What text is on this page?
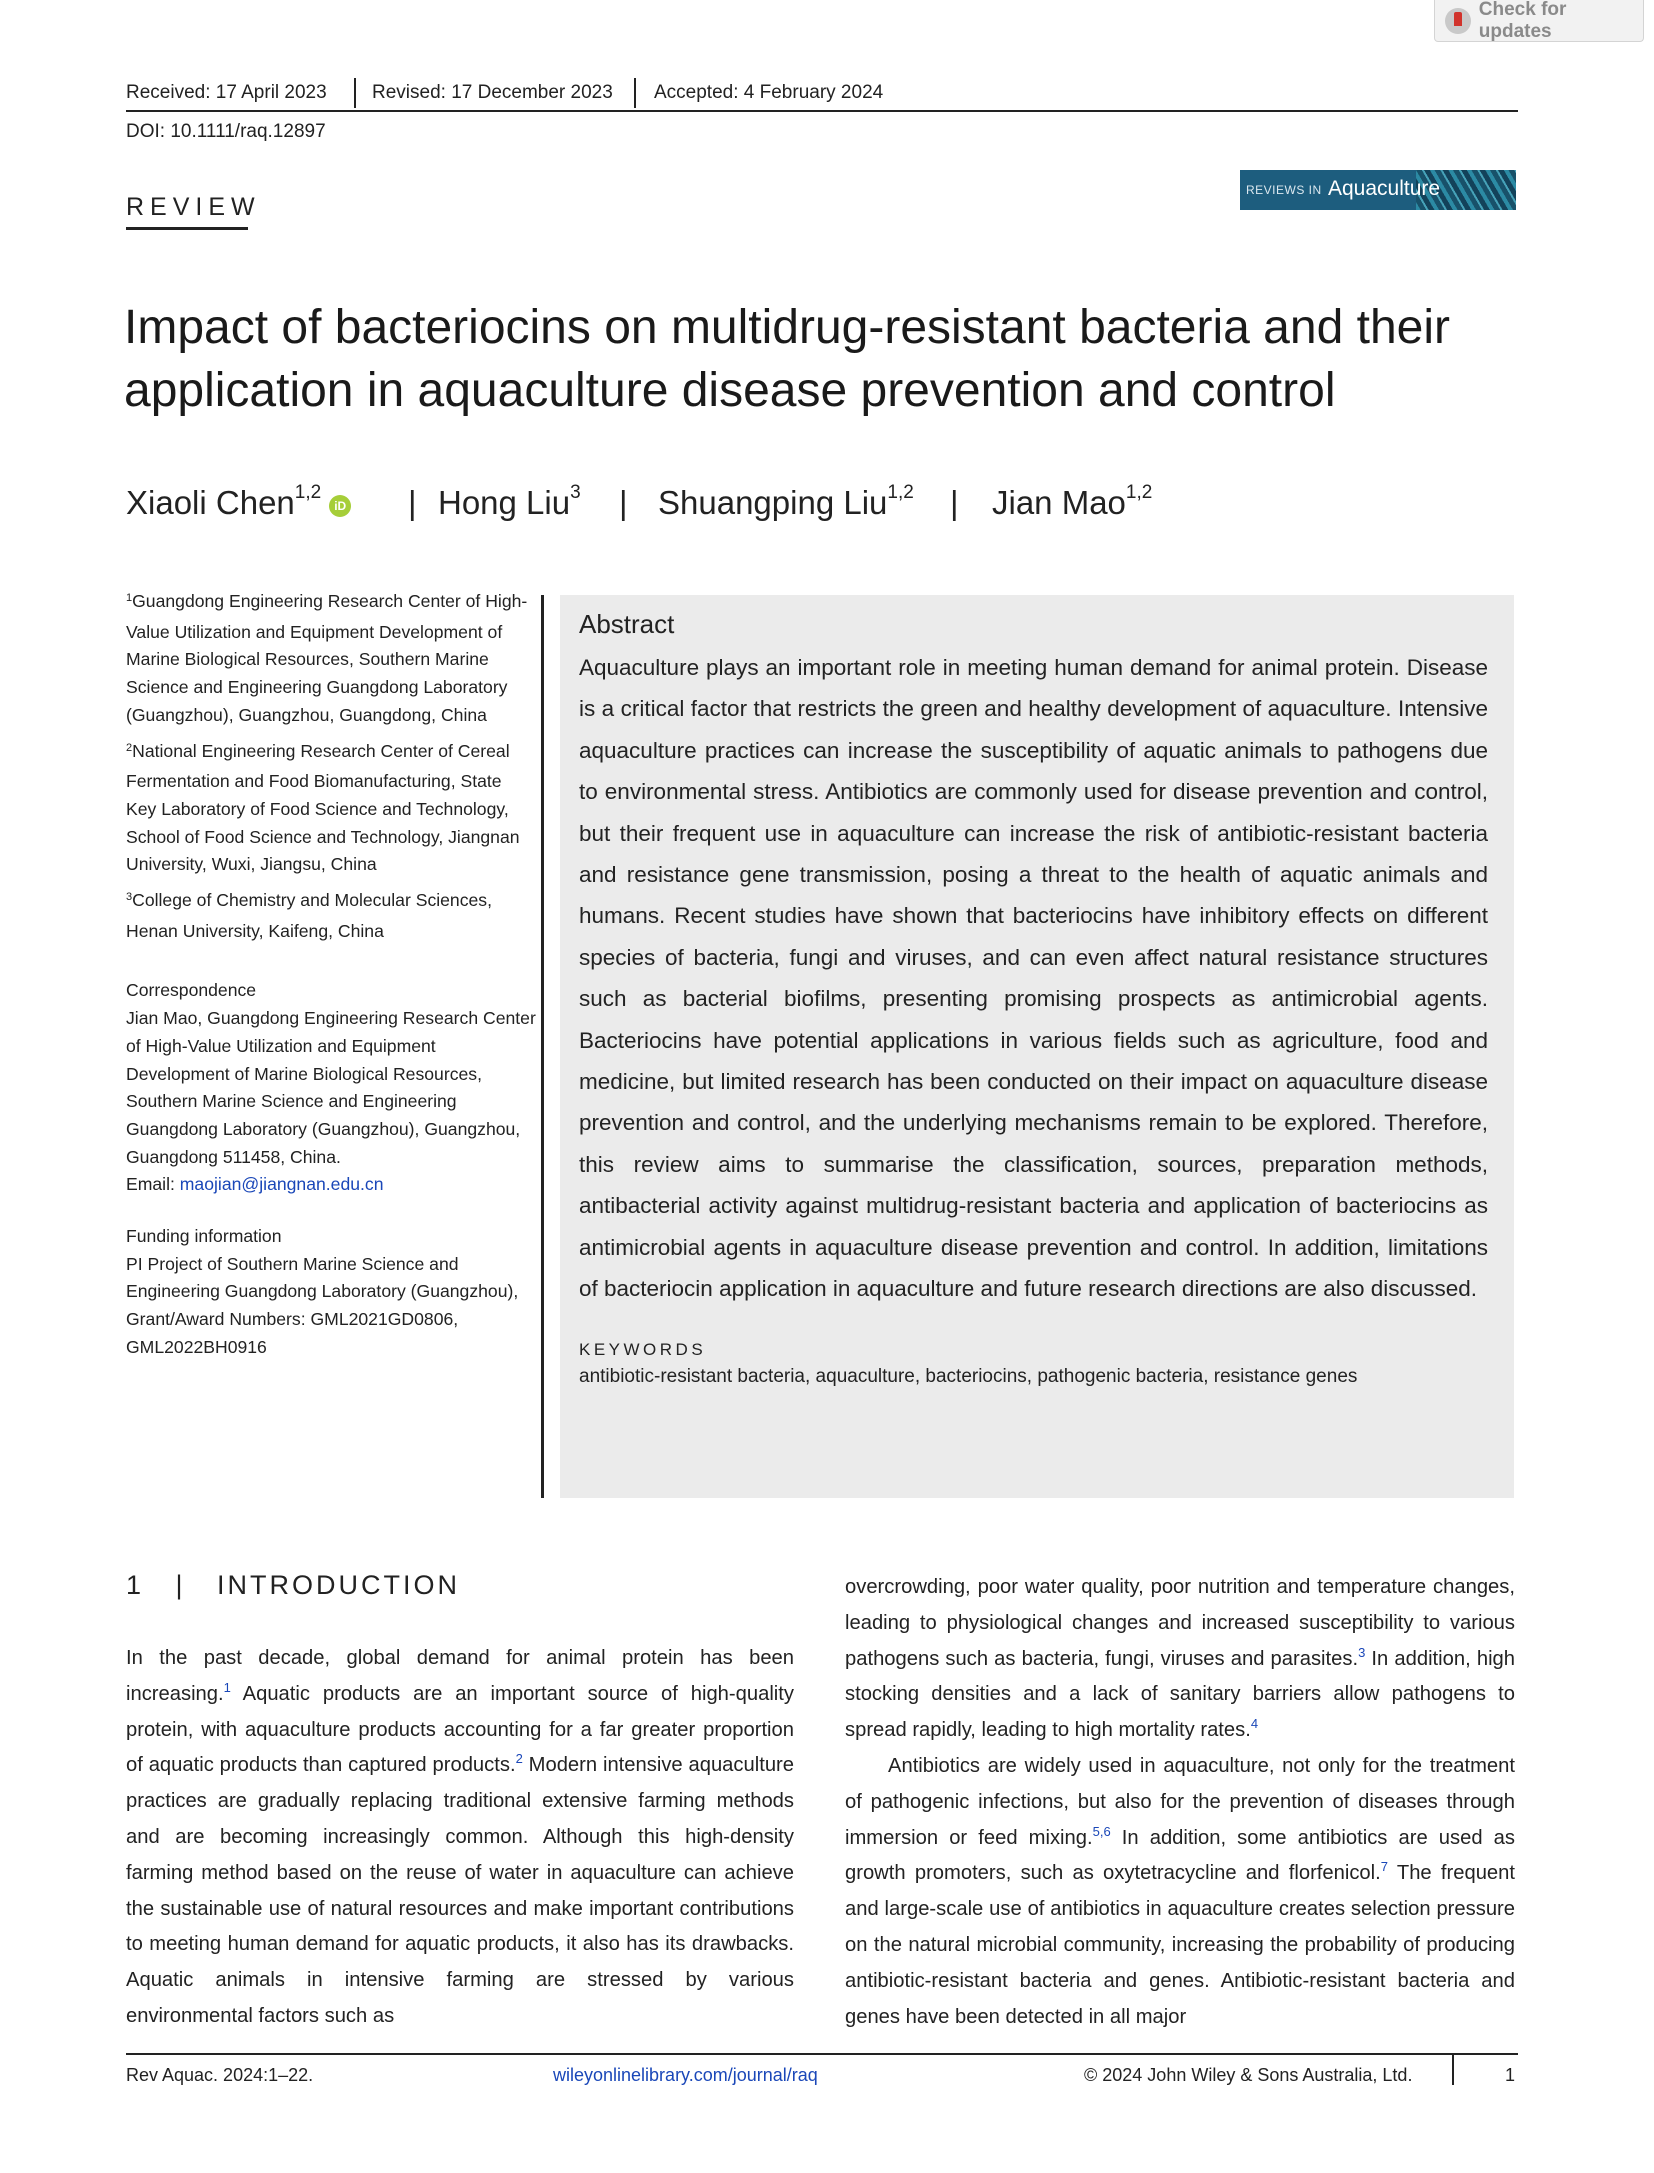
Check for updates
Received: 17 April 2023 Revised: 17 December 2023 Accepted: 4 February 2024
DOI: 10.1111/raq.12897
REVIEW
REVIEWS IN Aquaculture
Impact of bacteriocins on multidrug-resistant bacteria and their
application in aquaculture disease prevention and control
Xiaoli Chen$^{1,2}$iD | Hong Liu$^3$ | Shuangping Liu$^{1,2}$ | Jian Mao$^{1,2}$

$^1$Guangdong Engineering Research Center of High-Value Utilization and Equipment Development of Marine Biological Resources, Southern Marine Science and Engineering Guangdong Laboratory (Guangzhou), Guangzhou, Guangdong, China

$^2$National Engineering Research Center of Cereal Fermentation and Food Biomanufacturing, State Key Laboratory of Food Science and Technology, School of Food Science and Technology, Jiangnan University, Wuxi, Jiangsu, China

$^3$College of Chemistry and Molecular Sciences, Henan University, Kaifeng, China

Correspondence

Jian Mao, Guangdong Engineering Research Center of High-Value Utilization and Equipment Development of Marine Biological Resources, Southern Marine Science and Engineering Guangdong Laboratory (Guangzhou), Guangzhou, Guangdong 511458, China.

Email: maojian@jiangnan.edu.cn

Funding information

PI Project of Southern Marine Science and Engineering Guangdong Laboratory (Guangzhou), Grant/Award Numbers: GML2021GD0806, GML2022BH0916

Abstract

Aquaculture plays an important role in meeting human demand for animal protein. Disease is a critical factor that restricts the green and healthy development of aquaculture. Intensive aquaculture practices can increase the susceptibility of aquatic animals to pathogens due to environmental stress. Antibiotics are commonly used for disease prevention and control, but their frequent use in aquaculture can increase the risk of antibiotic-resistant bacteria and resistance gene transmission, posing a threat to the health of aquatic animals and humans. Recent studies have shown that bacteriocins have inhibitory effects on different species of bacteria, fungi and viruses, and can even affect natural resistance structures such as bacterial biofilms, presenting promising prospects as antimicrobial agents. Bacteriocins have potential applications in various fields such as agriculture, food and medicine, but limited research has been conducted on their impact on aquaculture disease prevention and control, and the underlying mechanisms remain to be explored. Therefore, this review aims to summarise the classification, sources, preparation methods, antibacterial activity against multidrug-resistant bacteria and application of bacteriocins as antimicrobial agents in aquaculture disease prevention and control. In addition, limitations of bacteriocin application in aquaculture and future research directions are also discussed.

KEYWORDS
antibiotic-resistant bacteria, aquaculture, bacteriocins, pathogenic bacteria, resistance genes
1   |   INTRODUCTION

In the past decade, global demand for animal protein has been increasing.$^1$ Aquatic products are an important source of high-quality protein, with aquaculture products accounting for a far greater proportion of aquatic products than captured products.$^2$ Modern intensive aquaculture practices are gradually replacing traditional extensive farming methods and are becoming increasingly common. Although this high-density farming method based on the reuse of water in aquaculture can achieve the sustainable use of natural resources and make important contributions to meeting human demand for aquatic products, it also has its drawbacks. Aquatic animals in intensive farming are stressed by various environmental factors such as

overcrowding, poor water quality, poor nutrition and temperature changes, leading to physiological changes and increased susceptibility to various pathogens such as bacteria, fungi, viruses and parasites.$^3$ In addition, high stocking densities and a lack of sanitary barriers allow pathogens to spread rapidly, leading to high mortality rates.$^4$

Antibiotics are widely used in aquaculture, not only for the treatment of pathogenic infections, but also for the prevention of diseases through immersion or feed mixing.$^{5,6}$ In addition, some antibiotics are used as growth promoters, such as oxytetracycline and florfenicol.$^7$ The frequent and large-scale use of antibiotics in aquaculture creates selection pressure on the natural microbial community, increasing the probability of producing antibiotic-resistant bacteria and genes. Antibiotic-resistant bacteria and genes have been detected in all major

Rev Aquac. 2024:1–22.	wileyonlinelibrary.com/journal/raq	© 2024 John Wiley & Sons Australia, Ltd.	1
